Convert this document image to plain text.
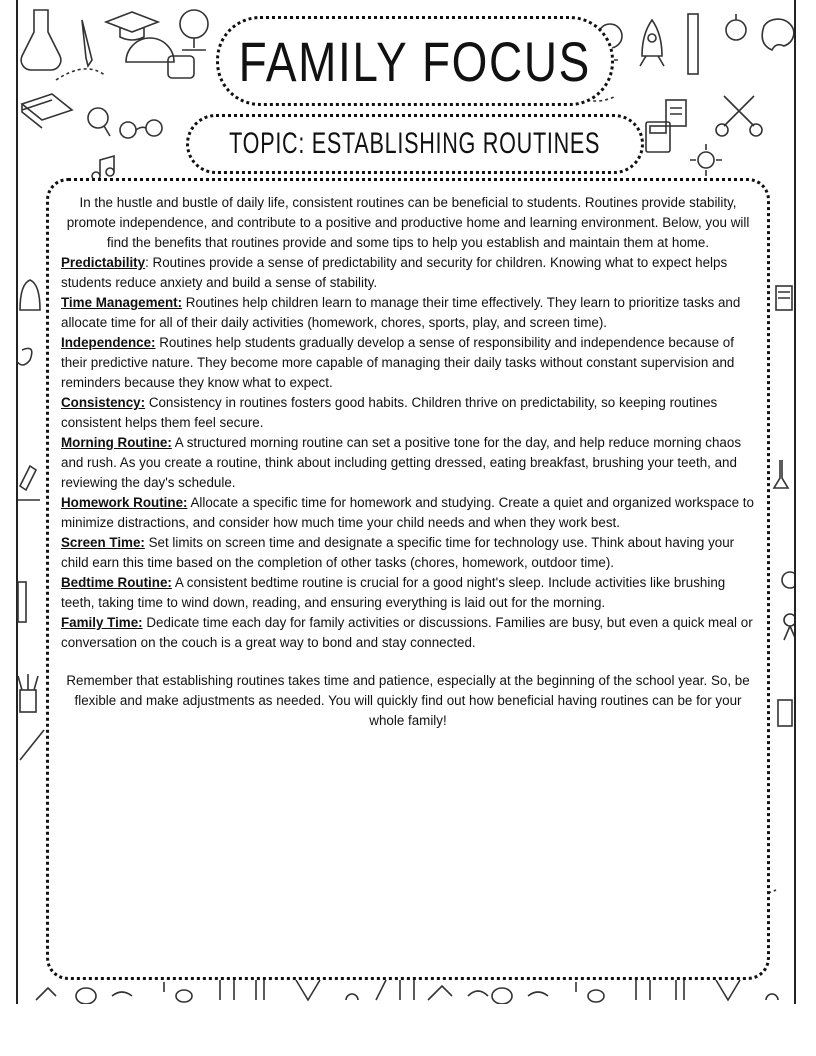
FAMILY FOCUS
TOPIC: ESTABLISHING ROUTINES

In the hustle and bustle of daily life, consistent routines can be beneficial to students. Routines provide stability, promote independence, and contribute to a positive and productive home and learning environment. Below, you will find the benefits that routines provide and some tips to help you establish and maintain them at home.

Predictability: Routines provide a sense of predictability and security for children. Knowing what to expect helps students reduce anxiety and build a sense of stability.

Time Management: Routines help children learn to manage their time effectively. They learn to prioritize tasks and allocate time for all of their daily activities (homework, chores, sports, play, and screen time).

Independence: Routines help students gradually develop a sense of responsibility and independence because of their predictive nature. They become more capable of managing their daily tasks without constant supervision and reminders because they know what to expect.

Consistency: Consistency in routines fosters good habits. Children thrive on predictability, so keeping routines consistent helps them feel secure.

Morning Routine: A structured morning routine can set a positive tone for the day, and help reduce morning chaos and rush. As you create a routine, think about including getting dressed, eating breakfast, brushing your teeth, and reviewing the day's schedule.

Homework Routine: Allocate a specific time for homework and studying. Create a quiet and organized workspace to minimize distractions, and consider how much time your child needs and when they work best.

Screen Time: Set limits on screen time and designate a specific time for technology use. Think about having your child earn this time based on the completion of other tasks (chores, homework, outdoor time).

Bedtime Routine: A consistent bedtime routine is crucial for a good night's sleep. Include activities like brushing teeth, taking time to wind down, reading, and ensuring everything is laid out for the morning.

Family Time: Dedicate time each day for family activities or discussions. Families are busy, but even a quick meal or conversation on the couch is a great way to bond and stay connected.

Remember that establishing routines takes time and patience, especially at the beginning of the school year. So, be flexible and make adjustments as needed. You will quickly find out how beneficial having routines can be for your whole family!
